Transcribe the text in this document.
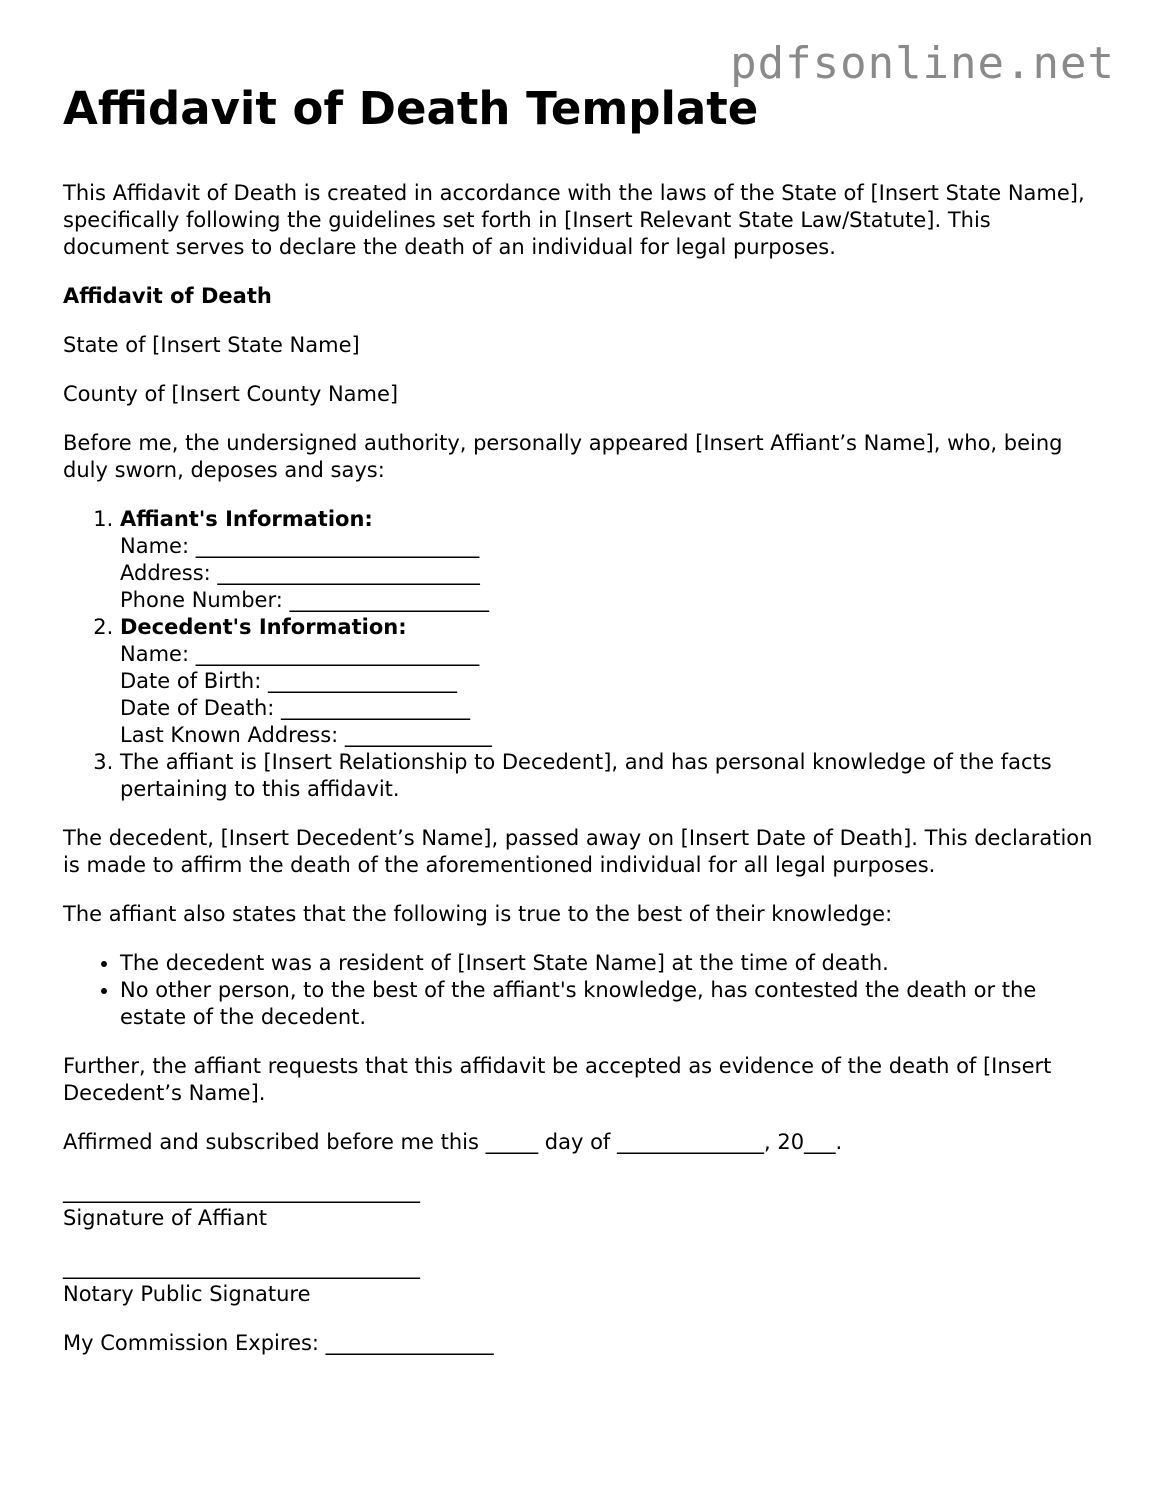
pdfsonline.net
Affidavit of Death Template

This Affidavit of Death is created in accordance with the laws of the State of [Insert State Name], specifically following the guidelines set forth in [Insert Relevant State Law/Statute]. This document serves to declare the death of an individual for legal purposes.

Affidavit of Death

State of [Insert State Name]

County of [Insert County Name]

Before me, the undersigned authority, personally appeared [Insert Affiant’s Name], who, being duly sworn, deposes and says:

1. Affiant's Information:
Name: ___________________________
Address: _________________________
Phone Number: ___________________
2. Decedent's Information:
Name: ___________________________
Date of Birth: __________________
Date of Death: __________________
Last Known Address: ______________
3. The affiant is [Insert Relationship to Decedent], and has personal knowledge of the facts pertaining to this affidavit.

The decedent, [Insert Decedent’s Name], passed away on [Insert Date of Death]. This declaration is made to affirm the death of the aforementioned individual for all legal purposes.

The affiant also states that the following is true to the best of their knowledge:

• The decedent was a resident of [Insert State Name] at the time of death.
• No other person, to the best of the affiant's knowledge, has contested the death or the estate of the decedent.

Further, the affiant requests that this affidavit be accepted as evidence of the death of [Insert Decedent’s Name].

Affirmed and subscribed before me this _____ day of ______________, 20___.

__________________________________
Signature of Affiant

__________________________________
Notary Public Signature

My Commission Expires: ________________
